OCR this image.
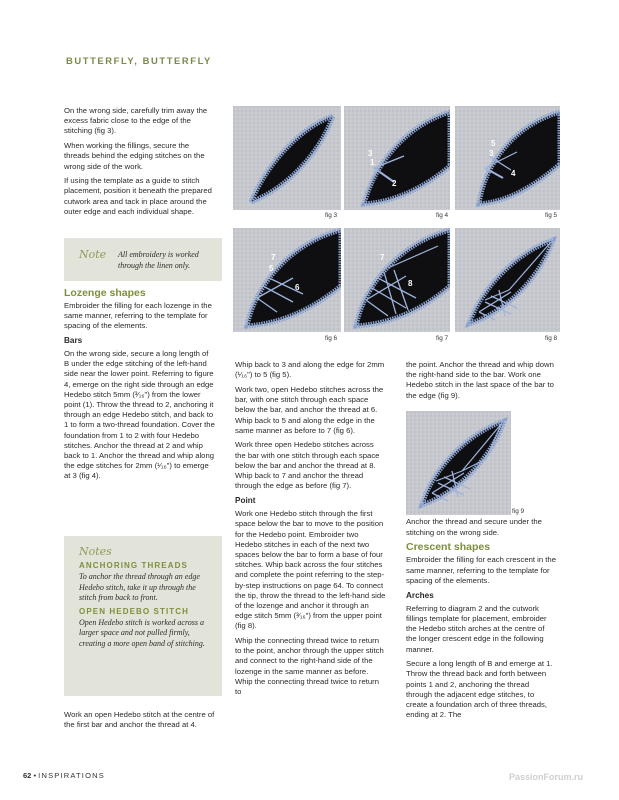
BUTTERFLY, BUTTERFLY

On the wrong side, carefully trim away the excess fabric close to the edge of the stitching (fig 3).

When working the fillings, secure the threads behind the edging stitches on the wrong side of the work.

If using the template as a guide to stitch placement, position it beneath the prepared cutwork area and tack in place around the outer edge and each individual shape.

Lozenge shapes

Embroider the filling for each lozenge in the same manner, referring to the template for spacing of the elements.

Bars

On the wrong side, secure a long length of B under the edge stitching of the left-hand side near the lower point. Referring to figure 4, emerge on the right side through an edge Hedebo stitch 5mm (³⁄₁₆") from the lower point (1). Throw the thread to 2, anchoring it through an edge Hedebo stitch, and back to 1 to form a two-thread foundation. Cover the foundation from 1 to 2 with four Hedebo stitches. Anchor the thread at 2 and whip back to 1. Anchor the thread and whip along the edge stitches for 2mm (¹⁄₁₆") to emerge at 3 (fig 4).

Note All embroidery is worked through the linen only.
Notes
ANCHORING THREADS
To anchor the thread through an edge Hedebo stitch, take it up through the stitch from back to front.
OPEN HEDEBO STITCH
Open Hedebo stitch is worked across a larger space and not pulled firmly, creating a more open band of stitching.
Work an open Hedebo stitch at the centre of the first bar and anchor the thread at 4.

Whip back to 3 and along the edge for 2mm (¹⁄₁₆") to 5 (fig 5).

Work two, open Hedebo stitches across the bar, with one stitch through each space below the bar, and anchor the thread at 6. Whip back to 5 and along the edge in the same manner as before to 7 (fig 6).

Work three open Hedebo stitches across the bar with one stitch through each space below the bar and anchor the thread at 8. Whip back to 7 and anchor the thread through the edge as before (fig 7).

Point

Work one Hedebo stitch through the first space below the bar to move to the position for the Hedebo point. Embroider two Hedebo stitches in each of the next two spaces below the bar to form a base of four stitches. Whip back across the four stitches and complete the point referring to the step-by-step instructions on page 64. To connect the tip, throw the thread to the left-hand side of the lozenge and anchor it through an edge stitch 5mm (³⁄₁₆") from the upper point (fig 8).

Whip the connecting thread twice to return to the point, anchor through the upper stitch and connect to the right-hand side of the lozenge in the same manner as before. Whip the connecting thread twice to return to

the point. Anchor the thread and whip down the right-hand side to the bar. Work one Hedebo stitch in the last space of the bar to the edge (fig 9).

Anchor the thread and secure under the stitching on the wrong side.

Crescent shapes

Embroider the filling for each crescent in the same manner, referring to the template for spacing of the elements.

Arches

Referring to diagram 2 and the cutwork fillings template for placement, embroider the Hedebo stitch arches at the centre of the longer crescent edge in the following manner.

Secure a long length of B and emerge at 1. Throw the thread back and forth between points 1 and 2, anchoring the thread through the adjacent edge stitches, to create a foundation arch of three threads, ending at 2. The

fig 3
3
1
2
fig 4
5
3
4
fig 5
7
5
6
fig 6
7
8
fig 7	fig 8
fig 9
62 • INSPIRATIONS	PassionForum.ru
